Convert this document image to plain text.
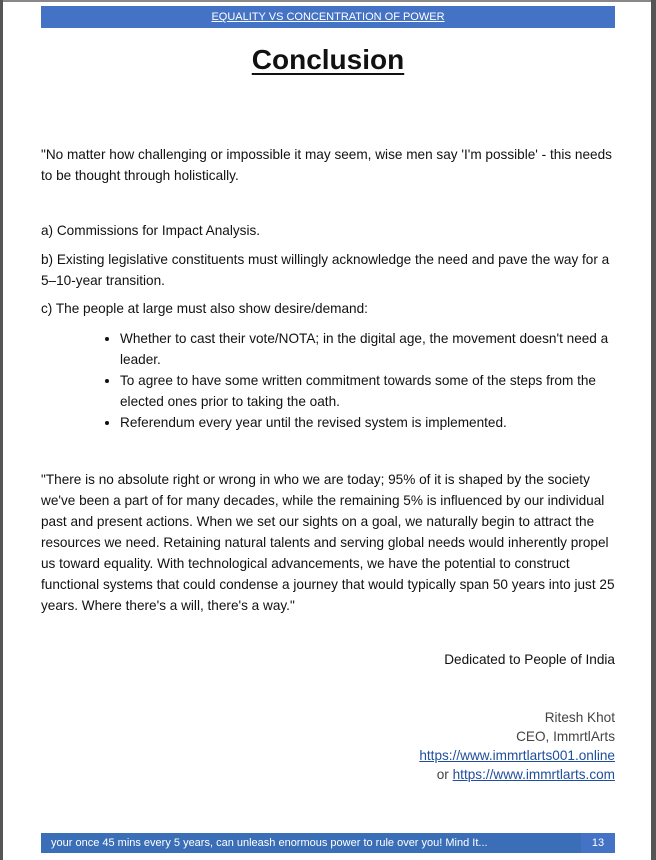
EQUALITY VS CONCENTRATION OF POWER
Conclusion
"No matter how challenging or impossible it may seem, wise men say 'I'm possible' - this needs to be thought through holistically.
a) Commissions for Impact Analysis.
b) Existing legislative constituents must willingly acknowledge the need and pave the way for a 5–10-year transition.
c) The people at large must also show desire/demand:
• Whether to cast their vote/NOTA; in the digital age, the movement doesn't need a leader.
• To agree to have some written commitment towards some of the steps from the elected ones prior to taking the oath.
• Referendum every year until the revised system is implemented.
"There is no absolute right or wrong in who we are today; 95% of it is shaped by the society we've been a part of for many decades, while the remaining 5% is influenced by our individual past and present actions. When we set our sights on a goal, we naturally begin to attract the resources we need. Retaining natural talents and serving global needs would inherently propel us toward equality. With technological advancements, we have the potential to construct functional systems that could condense a journey that would typically span 50 years into just 25 years. Where there's a will, there's a way."
Dedicated to People of India
Ritesh Khot
CEO, ImmrtlArts
https://www.immrtlarts001.online
or https://www.immrtlarts.com
your once 45 mins every 5 years, can unleash enormous power to rule over you! Mind It...	13
